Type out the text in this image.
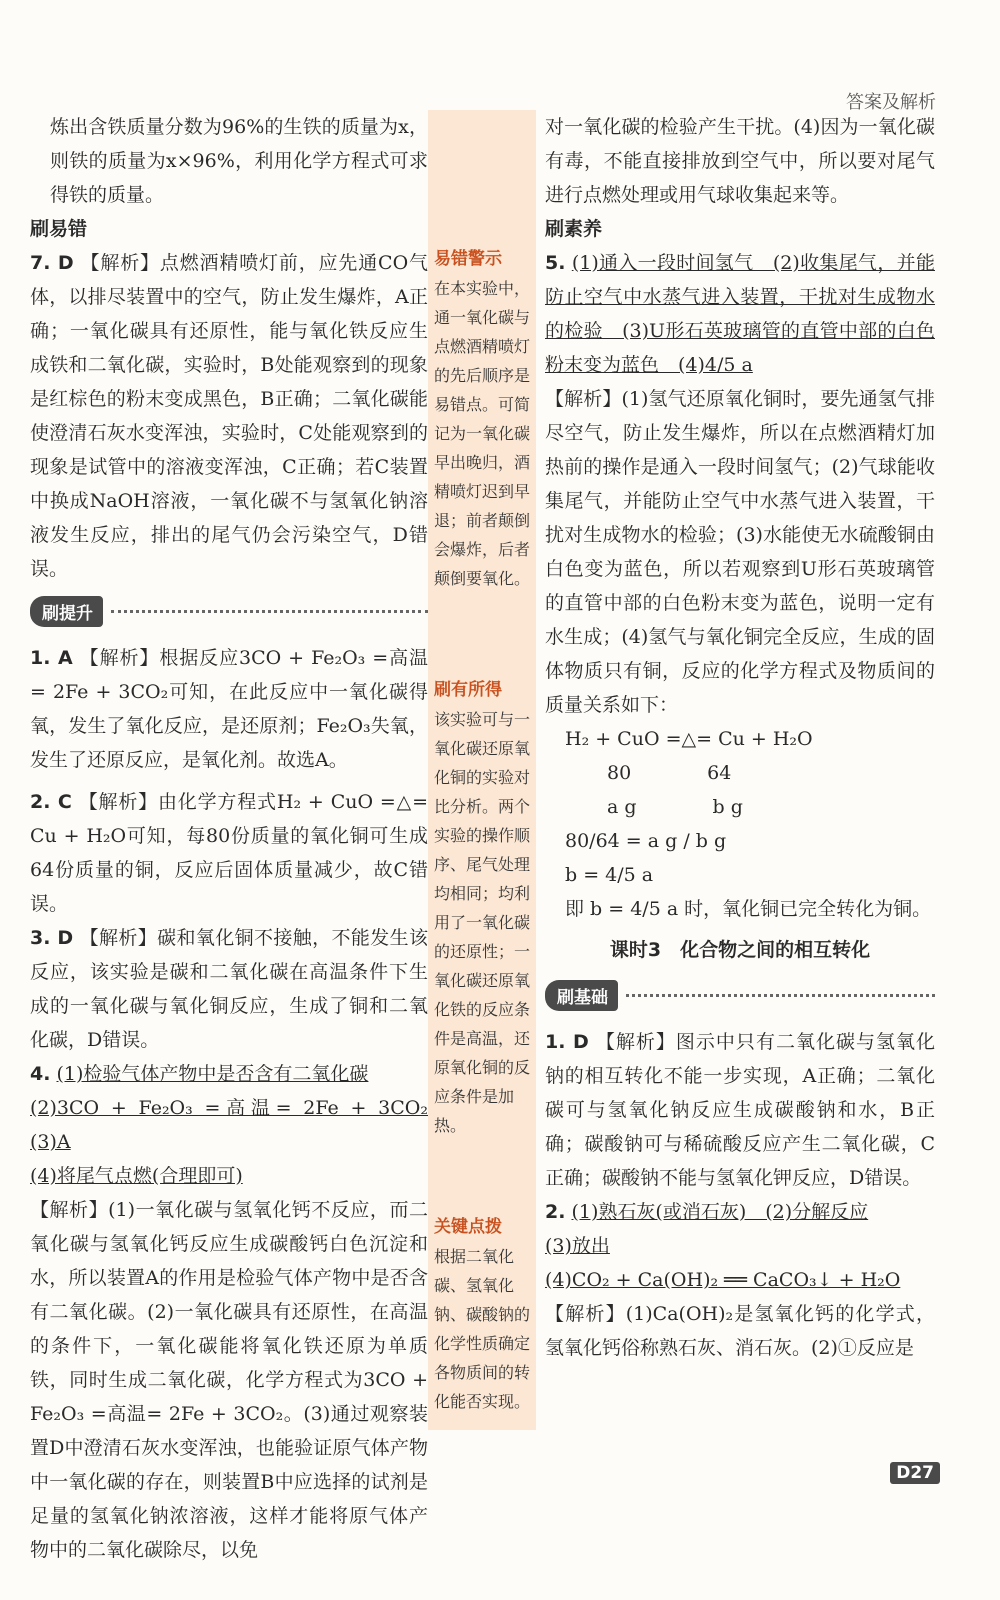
答案及解析

炼出含铁质量分数为96%的生铁的质量为x，则铁的质量为x×96%，利用化学方程式可求得铁的质量。

刷易错

7. D 【解析】点燃酒精喷灯前，应先通CO气体，以排尽装置中的空气，防止发生爆炸，A正确；一氧化碳具有还原性，能与氧化铁反应生成铁和二氧化碳，实验时，B处能观察到的现象是红棕色的粉末变成黑色，B正确；二氧化碳能使澄清石灰水变浑浊，实验时，C处能观察到的现象是试管中的溶液变浑浊，C正确；若C装置中换成NaOH溶液，一氧化碳不与氢氧化钠溶液发生反应，排出的尾气仍会污染空气，D错误。

刷提升

1. A 【解析】根据反应3CO + Fe₂O₃ =高温= 2Fe + 3CO₂可知，在此反应中一氧化碳得氧，发生了氧化反应，是还原剂；Fe₂O₃失氧，发生了还原反应，是氧化剂。故选A。

2. C 【解析】由化学方程式H₂ + CuO =△= Cu + H₂O可知，每80份质量的氧化铜可生成64份质量的铜，反应后固体质量减少，故C错误。

3. D 【解析】碳和氧化铜不接触，不能发生该反应，该实验是碳和二氧化碳在高温条件下生成的一氧化碳与氧化铜反应，生成了铜和二氧化碳，D错误。

4. (1)检验气体产物中是否含有二氧化碳

(2)3CO + Fe₂O₃ =高温= 2Fe + 3CO₂　(3)A

(4)将尾气点燃(合理即可)

【解析】(1)一氧化碳与氢氧化钙不反应，而二氧化碳与氢氧化钙反应生成碳酸钙白色沉淀和水，所以装置A的作用是检验气体产物中是否含有二氧化碳。(2)一氧化碳具有还原性，在高温的条件下，一氧化碳能将氧化铁还原为单质铁，同时生成二氧化碳，化学方程式为3CO + Fe₂O₃ =高温= 2Fe + 3CO₂。(3)通过观察装置D中澄清石灰水变浑浊，也能验证原气体产物中一氧化碳的存在，则装置B中应选择的试剂是足量的氢氧化钠浓溶液，这样才能将原气体产物中的二氧化碳除尽，以免

易错警示
在本实验中，通一氧化碳与点燃酒精喷灯的先后顺序是易错点。可简记为一氧化碳早出晚归，酒精喷灯迟到早退；前者颠倒会爆炸，后者颠倒要氧化。
刷有所得
该实验可与一氧化碳还原氧化铜的实验对比分析。两个实验的操作顺序、尾气处理均相同；均利用了一氧化碳的还原性；一氧化碳还原氧化铁的反应条件是高温，还原氧化铜的反应条件是加热。
关键点拨
根据二氧化碳、氢氧化钠、碳酸钠的化学性质确定各物质间的转化能否实现。

对一氧化碳的检验产生干扰。(4)因为一氧化碳有毒，不能直接排放到空气中，所以要对尾气进行点燃处理或用气球收集起来等。

刷素养

5. (1)通入一段时间氢气　(2)收集尾气，并能防止空气中水蒸气进入装置，干扰对生成物水的检验　(3)U形石英玻璃管的直管中部的白色粉末变为蓝色　(4)4/5 a

【解析】(1)氢气还原氧化铜时，要先通氢气排尽空气，防止发生爆炸，所以在点燃酒精灯加热前的操作是通入一段时间氢气；(2)气球能收集尾气，并能防止空气中水蒸气进入装置，干扰对生成物水的检验；(3)水能使无水硫酸铜由白色变为蓝色，所以若观察到U形石英玻璃管的直管中部的白色粉末变为蓝色，说明一定有水生成；(4)氢气与氧化铜完全反应，生成的固体物质只有铜，反应的化学方程式及物质间的质量关系如下：

H₂ + CuO =△= Cu + H₂O
80　　　　64
a g　　　　b g
80/64 = a g / b g
b = 4/5 a
即 b = 4/5 a 时，氧化铜已完全转化为铜。
课时3　化合物之间的相互转化
刷基础

1. D 【解析】图示中只有二氧化碳与氢氧化钠的相互转化不能一步实现，A正确；二氧化碳可与氢氧化钠反应生成碳酸钠和水，B正确；碳酸钠可与稀硫酸反应产生二氧化碳，C正确；碳酸钠不能与氢氧化钾反应，D错误。

2. (1)熟石灰(或消石灰)　(2)分解反应

(3)放出

(4)CO₂ + Ca(OH)₂ ══ CaCO₃↓ + H₂O

【解析】(1)Ca(OH)₂是氢氧化钙的化学式，氢氧化钙俗称熟石灰、消石灰。(2)①反应是

D27
